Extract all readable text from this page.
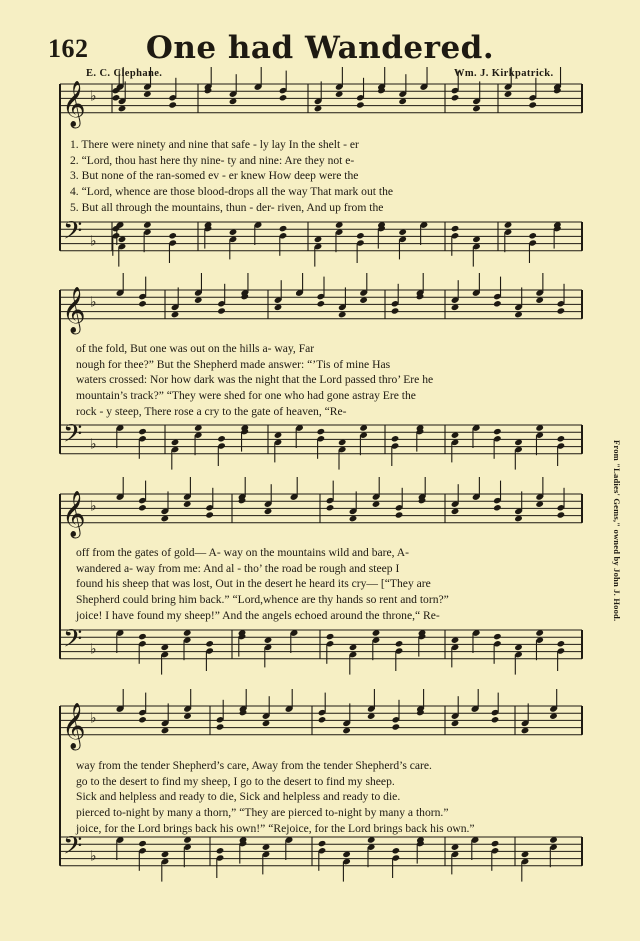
162	One had Wandered.
E. C. Clephane.	Wm. J. Kirkpatrick.
From "Ladies' Gems," owned by John J. Hood.
𝄞
𝄢
♭
♭
𝄞
𝄢
♭
♭
𝄞
𝄢
♭
♭
𝄞
𝄢
♭
♭
1. There were ninety and nine that safe - ly lay In the shelt - er
2. “Lord, thou hast here thy nine- ty and nine: Are they not e-
3. But none of the ran-somed ev - er knew How deep were the
4. “Lord, whence are those blood-drops all the way That mark out the
5. But all through the mountains, thun - der- riven, And up from the
of the fold, But one was out on the hills a- way, Far
nough for thee?” But the Shepherd made answer: “’Tis of mine Has
waters crossed: Nor how dark was the night that the Lord passed thro’ Ere he
mountain’s track?” “They were shed for one who had gone astray Ere the
rock - y steep, There rose a cry to the gate of heaven, “Re-
off from the gates of gold— A- way on the mountains wild and bare, A-
wandered a- way from me: And al - tho’ the road be rough and steep I
found his sheep that was lost, Out in the desert he heard its cry— [“They are
Shepherd could bring him back.” “Lord,whence are thy hands so rent and torn?”
joice! I have found my sheep!” And the angels echoed around the throne,“ Re-
way from the tender Shepherd’s care, Away from the tender Shepherd’s care.
go to the desert to find my sheep, I go to the desert to find my sheep.
Sick and helpless and ready to die, Sick and helpless and ready to die.
pierced to-night by many a thorn,” “They are pierced to-night by many a thorn.”
joice, for the Lord brings back his own!” “Rejoice, for the Lord brings back his own.”
